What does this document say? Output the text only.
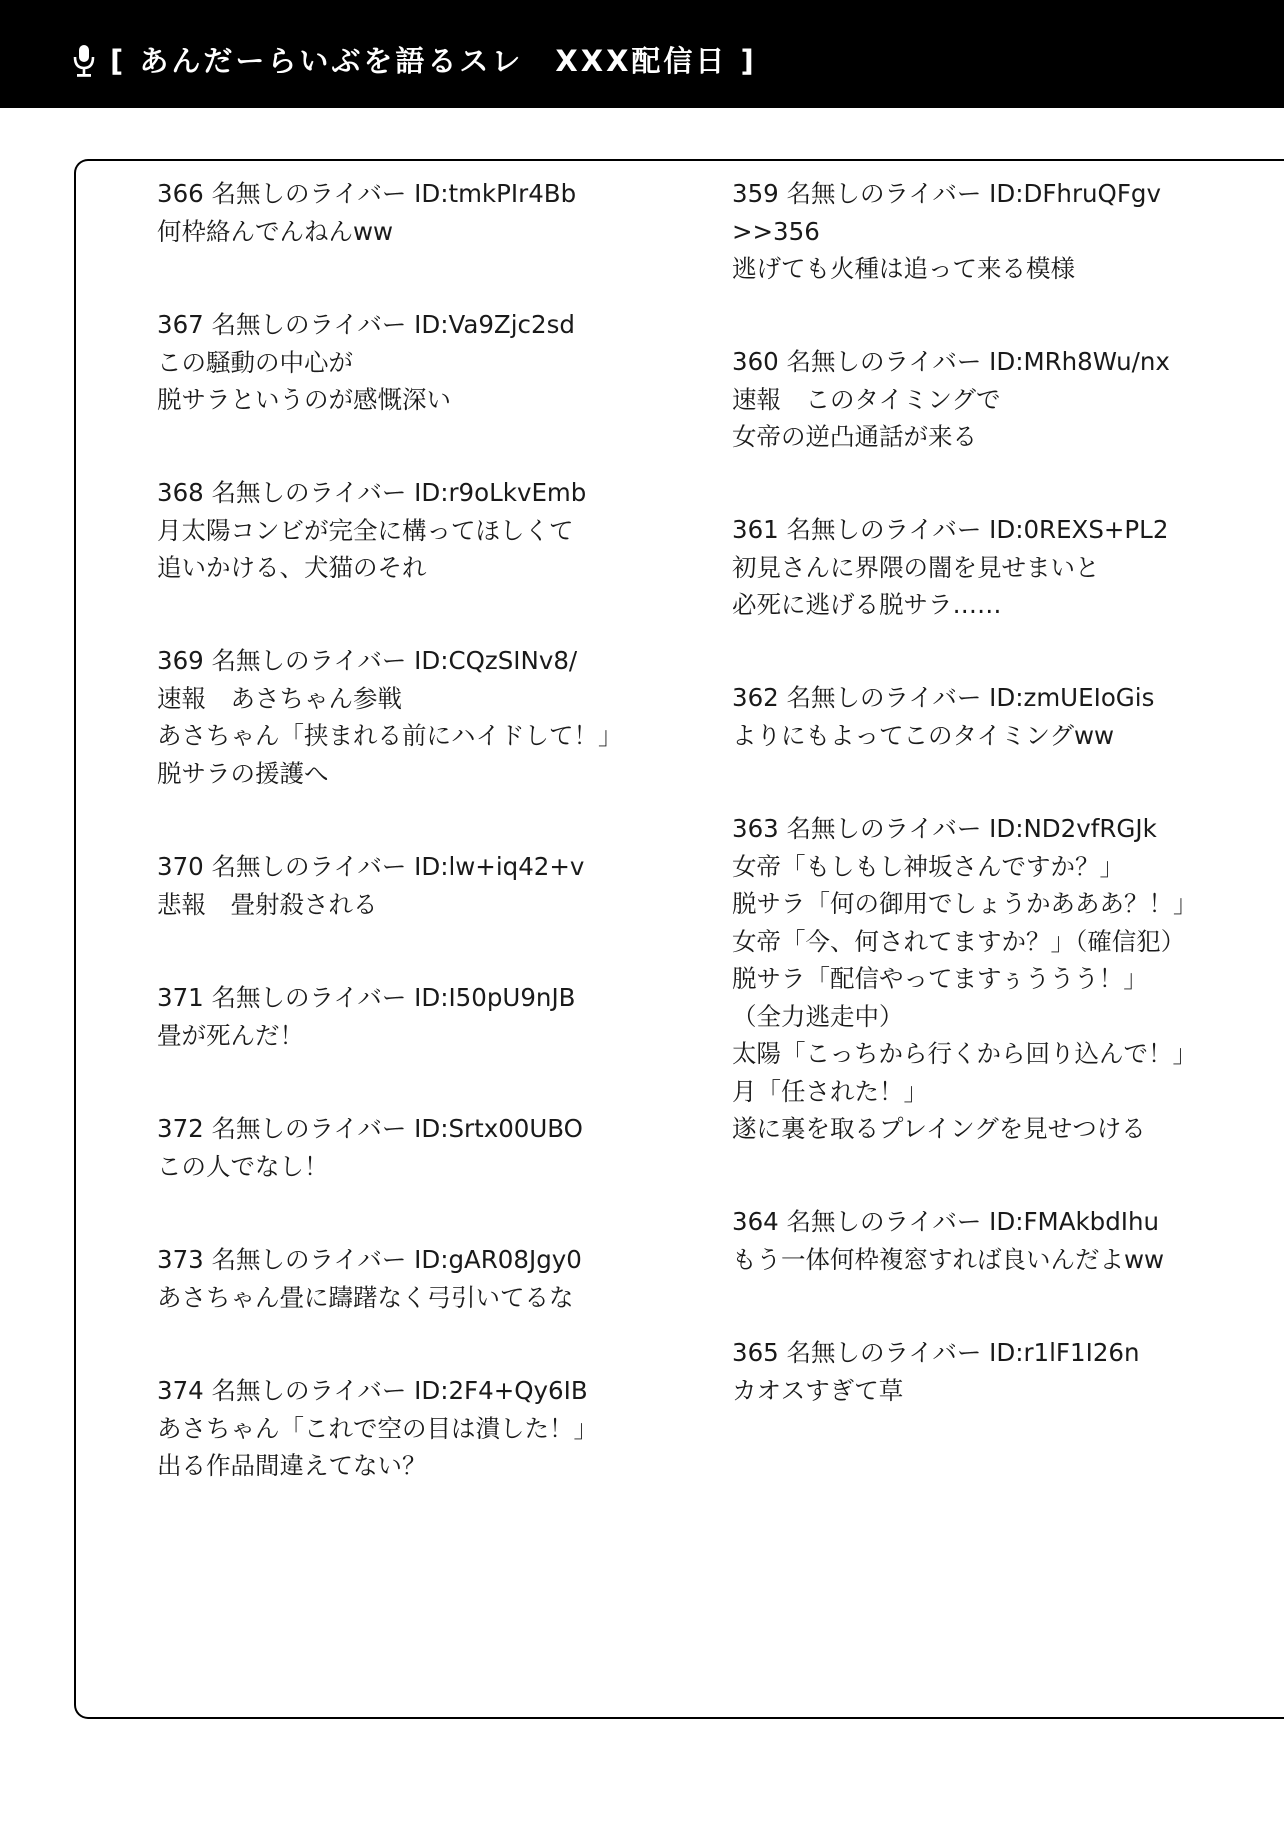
[ あんだーらいぶを語るスレ　XXX配信日 ]
366 名無しのライバー ID:tmkPIr4Bb
何枠絡んでんねんww
367 名無しのライバー ID:Va9Zjc2sd
この騒動の中心が
脱サラというのが感慨深い
368 名無しのライバー ID:r9oLkvEmb
月太陽コンビが完全に構ってほしくて
追いかける、犬猫のそれ
369 名無しのライバー ID:CQzSINv8/
速報　あさちゃん参戦
あさちゃん「挟まれる前にハイドして！」
脱サラの援護へ
370 名無しのライバー ID:lw+iq42+v
悲報　畳射殺される
371 名無しのライバー ID:I50pU9nJB
畳が死んだ！
372 名無しのライバー ID:Srtx00UBO
この人でなし！
373 名無しのライバー ID:gAR08Jgy0
あさちゃん畳に躊躇なく弓引いてるな
374 名無しのライバー ID:2F4+Qy6IB
あさちゃん「これで空の目は潰した！」
出る作品間違えてない？
359 名無しのライバー ID:DFhruQFgv
>>356
逃げても火種は追って来る模様
360 名無しのライバー ID:MRh8Wu/nx
速報　このタイミングで
女帝の逆凸通話が来る
361 名無しのライバー ID:0REXS+PL2
初見さんに界隈の闇を見せまいと
必死に逃げる脱サラ……
362 名無しのライバー ID:zmUEIoGis
よりにもよってこのタイミングww
363 名無しのライバー ID:ND2vfRGJk
女帝「もしもし神坂さんですか？」
脱サラ「何の御用でしょうかあああ？！」
女帝「今、何されてますか？」（確信犯）
脱サラ「配信やってますぅううう！」
（全力逃走中）
太陽「こっちから行くから回り込んで！」
月「任された！」
遂に裏を取るプレイングを見せつける
364 名無しのライバー ID:FMAkbdIhu
もう一体何枠複窓すれば良いんだよww
365 名無しのライバー ID:r1lF1I26n
カオスすぎて草
